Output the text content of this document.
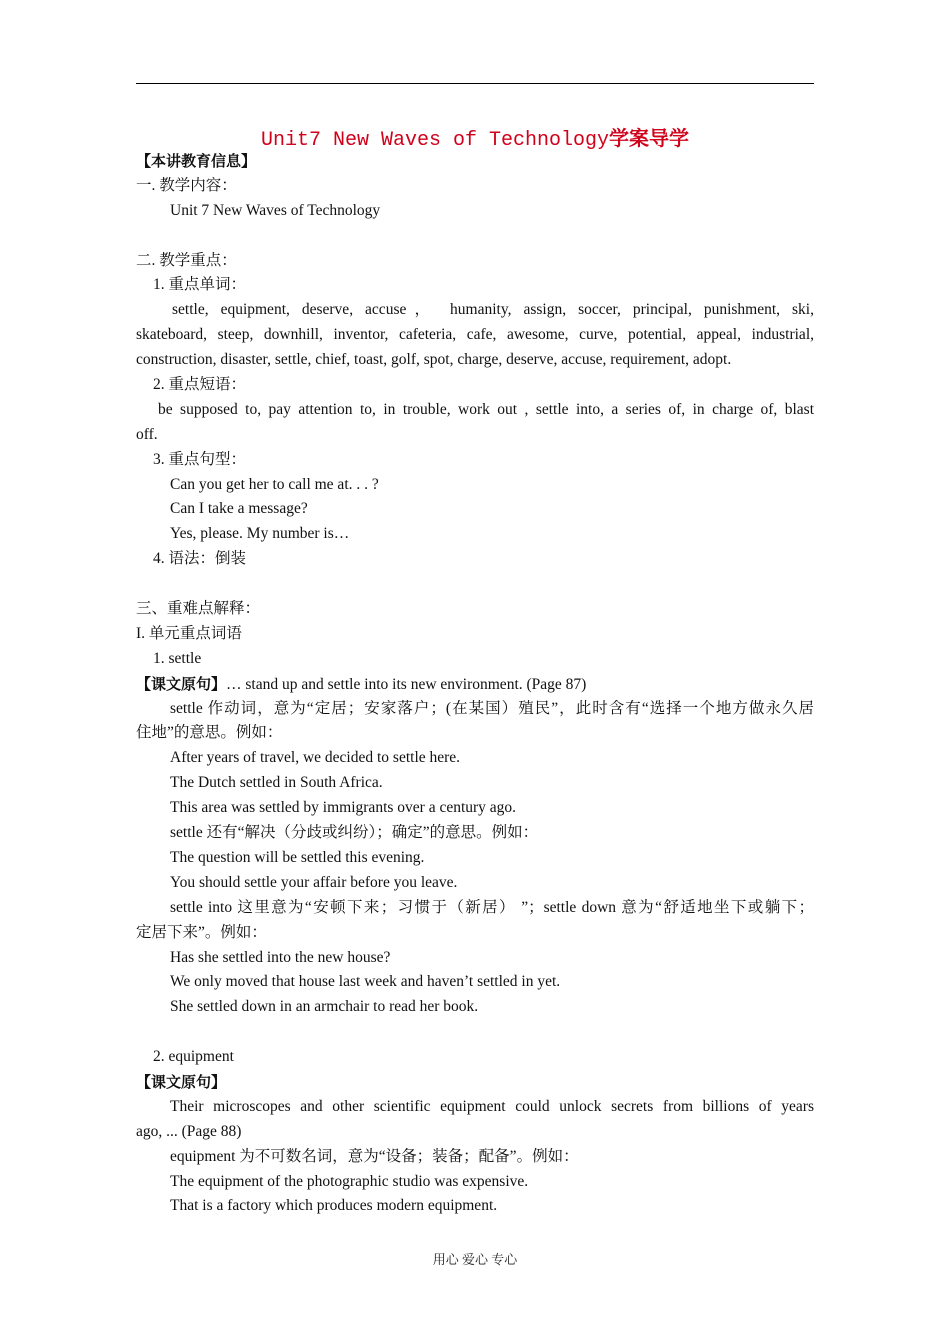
Unit7 New Waves of Technology学案导学
【本讲教育信息】
一. 教学内容：
Unit 7 New Waves of Technology
二. 教学重点：
1. 重点单词：
settle, equipment, deserve, accuse， humanity, assign, soccer, principal, punishment, ski,
skateboard, steep, downhill, inventor, cafeteria, cafe, awesome, curve, potential, appeal, industrial,
construction, disaster, settle, chief, toast, golf, spot, charge, deserve, accuse, requirement, adopt.
2. 重点短语：
be supposed to, pay attention to, in trouble, work out , settle into, a series of, in charge of, blast
off.
3. 重点句型：
Can you get her to call me at. . . ?
Can I take a message?
Yes, please. My number is…
4. 语法：倒装
三、重难点解释：
I. 单元重点词语
1. settle
【课文原句】… stand up and settle into its new environment. (Page 87)
settle 作动词，意为“定居；安家落户；(在某国）殖民”，此时含有“选择一个地方做永久居
住地”的意思。例如：
After years of travel, we decided to settle here.
The Dutch settled in South Africa.
This area was settled by immigrants over a century ago.
settle 还有“解决（分歧或纠纷）；确定”的意思。例如：
The question will be settled this evening.
You should settle your affair before you leave.
settle into 这里意为“安顿下来；习惯于（新居） ”；settle down 意为“舒适地坐下或躺下；
定居下来”。例如：
Has she settled into the new house?
We only moved that house last week and haven’t settled in yet.
She settled down in an armchair to read her book.
2. equipment
【课文原句】
Their microscopes and other scientific equipment could unlock secrets from billions of years
ago, ... (Page 88)
equipment 为不可数名词，意为“设备；装备；配备”。例如：
The equipment of the photographic studio was expensive.
That is a factory which produces modern equipment.
用心 爱心 专心
